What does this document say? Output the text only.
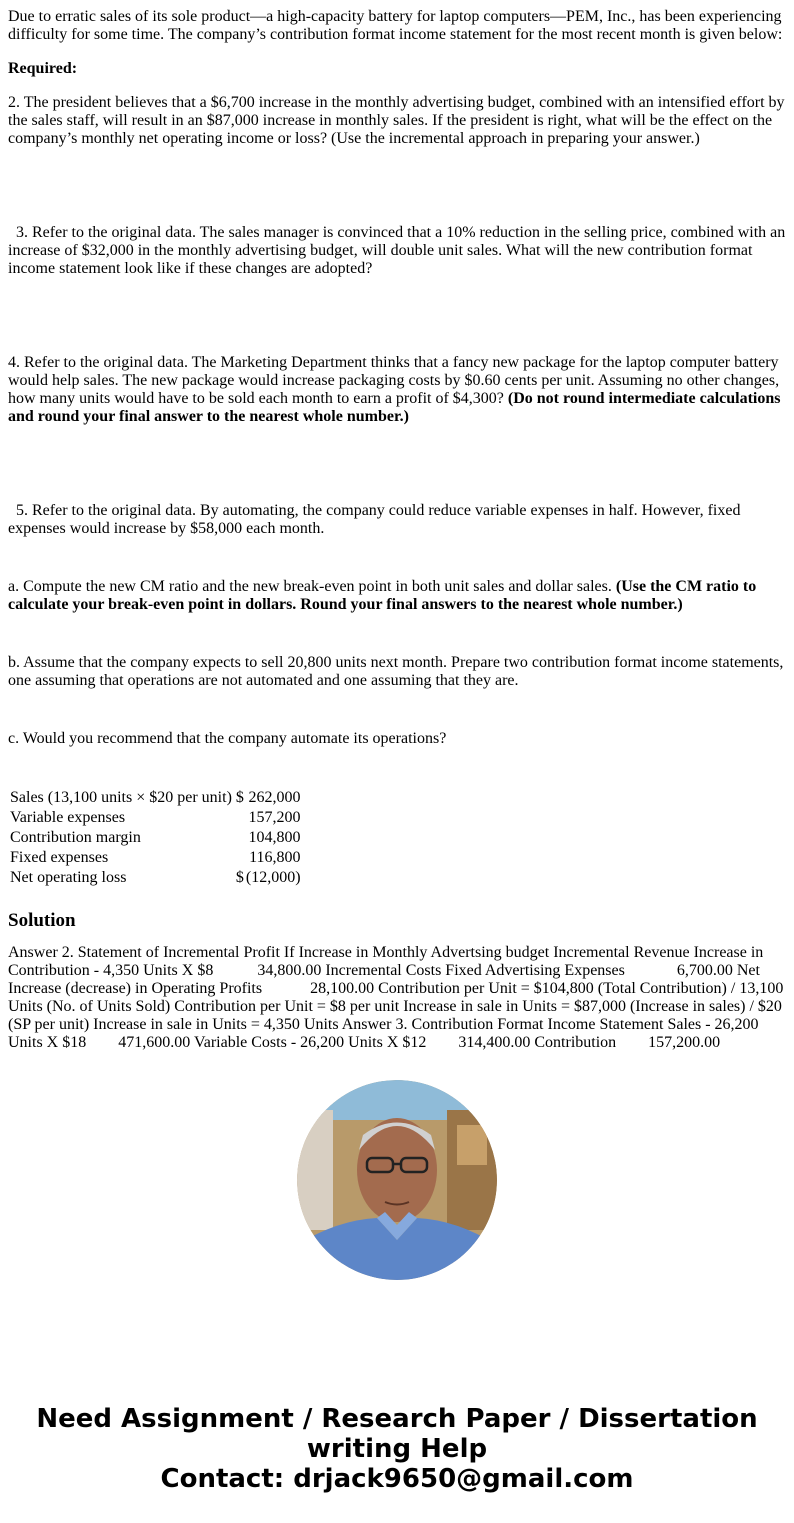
Due to erratic sales of its sole product—a high-capacity battery for laptop computers—PEM, Inc., has been experiencing difficulty for some time. The company’s contribution format income statement for the most recent month is given below:

Required:

2. The president believes that a $6,700 increase in the monthly advertising budget, combined with an intensified effort by the sales staff, will result in an $87,000 increase in monthly sales. If the president is right, what will be the effect on the company’s monthly net operating income or loss? (Use the incremental approach in preparing your answer.)

3. Refer to the original data. The sales manager is convinced that a 10% reduction in the selling price, combined with an increase of $32,000 in the monthly advertising budget, will double unit sales. What will the new contribution format income statement look like if these changes are adopted?

4. Refer to the original data. The Marketing Department thinks that a fancy new package for the laptop computer battery would help sales. The new package would increase packaging costs by $0.60 cents per unit. Assuming no other changes, how many units would have to be sold each month to earn a profit of $4,300? (Do not round intermediate calculations and round your final answer to the nearest whole number.)

5. Refer to the original data. By automating, the company could reduce variable expenses in half. However, fixed expenses would increase by $58,000 each month.

a. Compute the new CM ratio and the new break-even point in both unit sales and dollar sales. (Use the CM ratio to calculate your break-even point in dollars. Round your final answers to the nearest whole number.)

b. Assume that the company expects to sell 20,800 units next month. Prepare two contribution format income statements, one assuming that operations are not automated and one assuming that they are.

c. Would you recommend that the company automate its operations?

Sales (13,100 units × $20 per unit)	$	262,000
Variable expenses		157,200
Contribution margin		104,800
Fixed expenses		116,800
Net operating loss	$	(12,000)
Solution

Answer 2. Statement of Incremental Profit If Increase in Monthly Advertsing budget Incremental Revenue Increase in Contribution - 4,350 Units X $8           34,800.00 Incremental Costs Fixed Advertising Expenses             6,700.00 Net Increase (decrease) in Operating Profits            28,100.00 Contribution per Unit = $104,800 (Total Contribution) / 13,100 Units (No. of Units Sold) Contribution per Unit = $8 per unit Increase in sale in Units = $87,000 (Increase in sales) / $20 (SP per unit) Increase in sale in Units = 4,350 Units Answer 3. Contribution Format Income Statement Sales - 26,200 Units X $18        471,600.00 Variable Costs - 26,200 Units X $12        314,400.00 Contribution        157,200.00

Need Assignment / Research Paper / Dissertation
writing Help
Contact: drjack9650@gmail.com
